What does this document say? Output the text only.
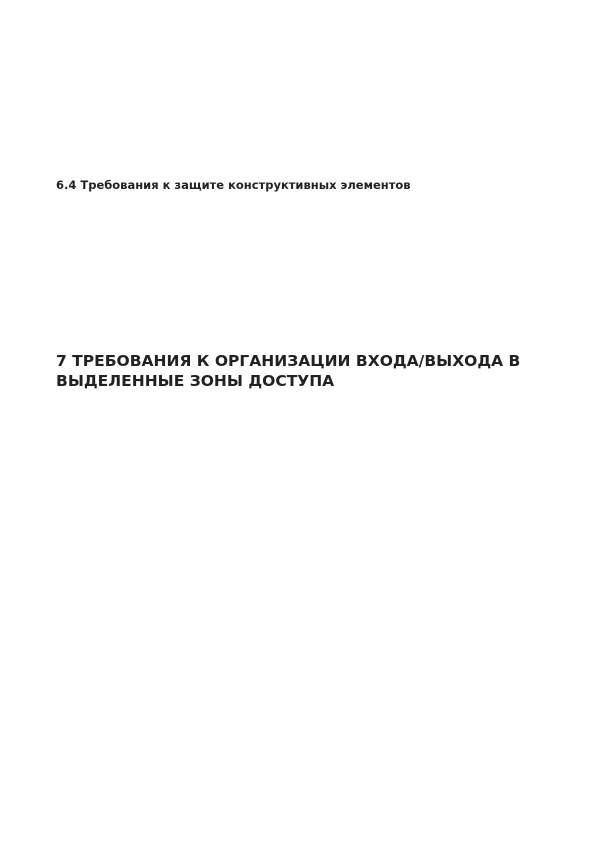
6.4 Требования к защите конструктивных элементов

7 ТРЕБОВАНИЯ К ОРГАНИЗАЦИИ ВХОДА/ВЫХОДА В ВЫДЕЛЕННЫЕ ЗОНЫ ДОСТУПА
